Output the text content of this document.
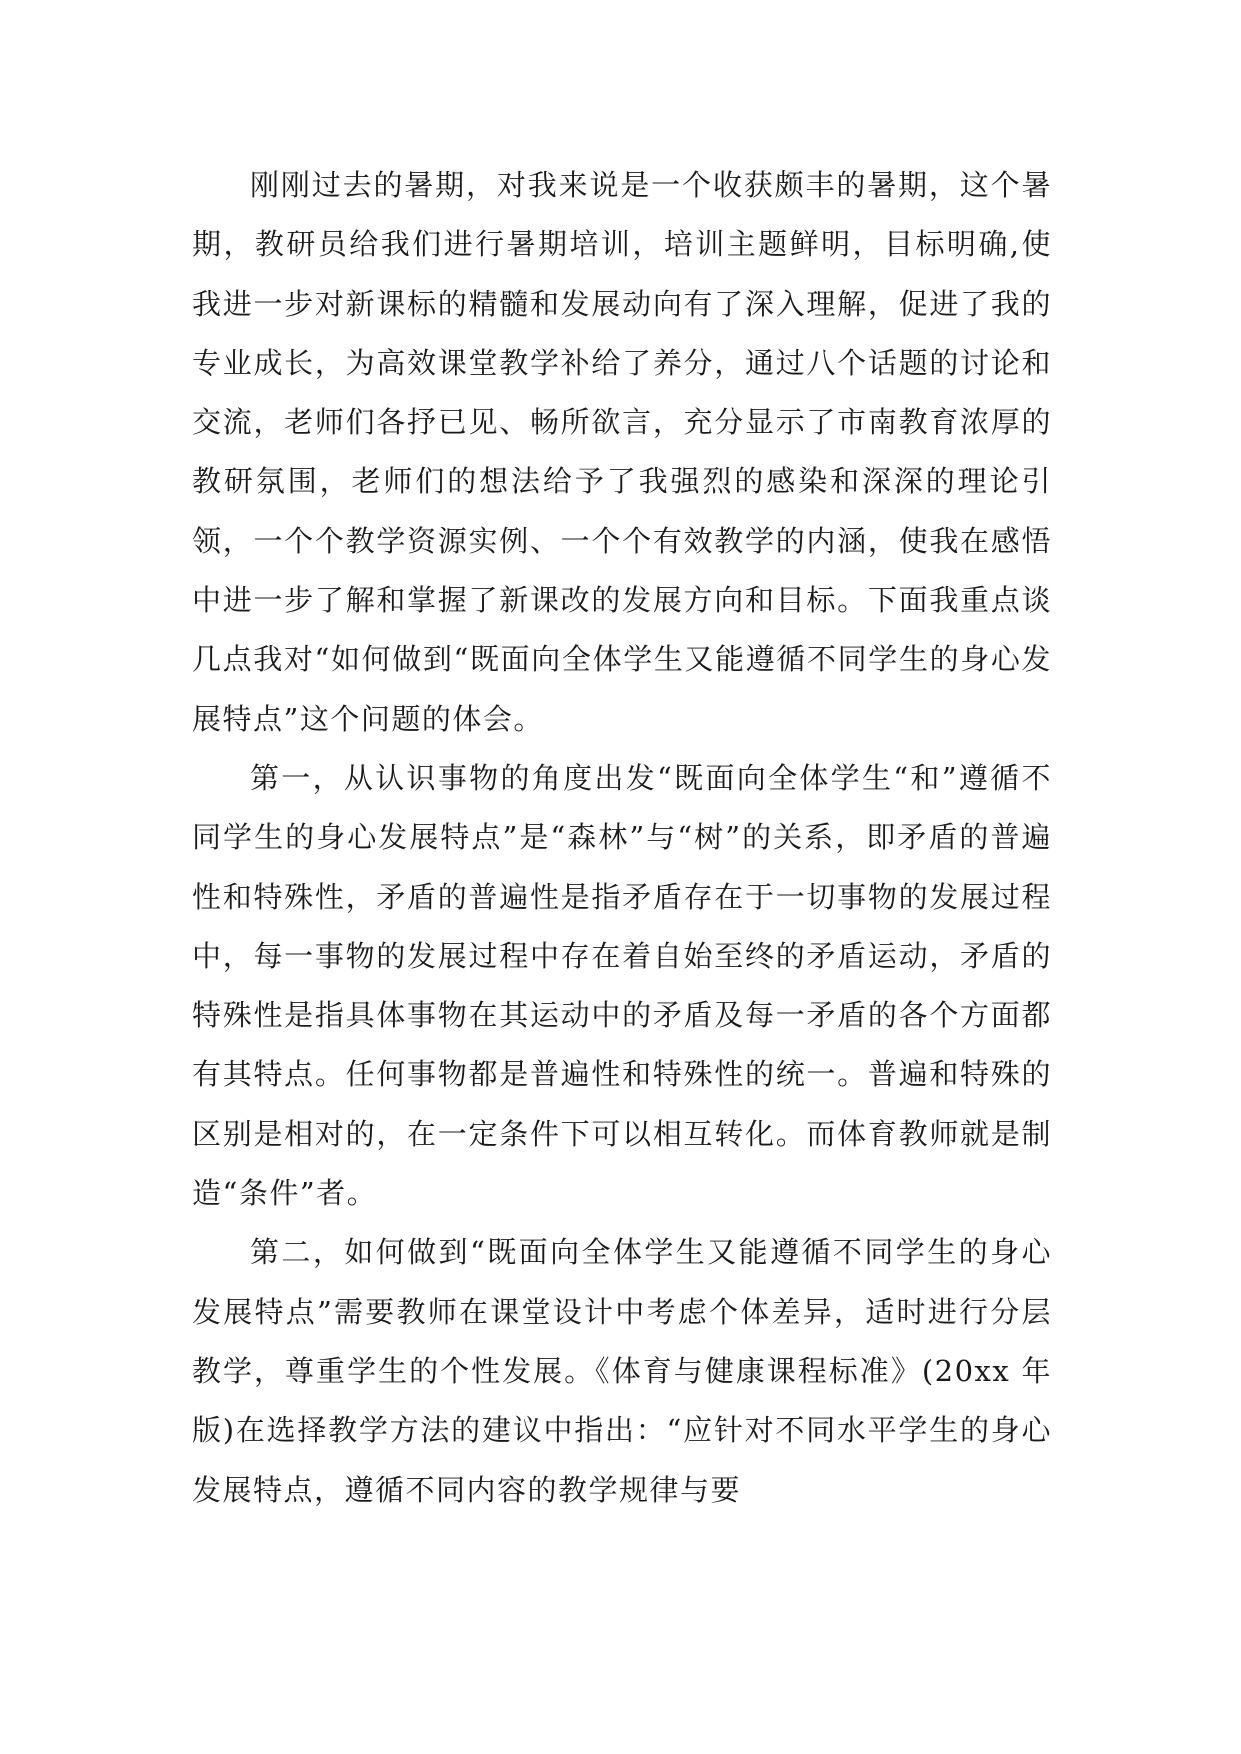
刚刚过去的暑期，对我来说是一个收获颇丰的暑期，这个暑期，教研员给我们进行暑期培训，培训主题鲜明，目标明确,使我进一步对新课标的精髓和发展动向有了深入理解，促进了我的专业成长，为高效课堂教学补给了养分，通过八个话题的讨论和交流，老师们各抒已见、畅所欲言，充分显示了市南教育浓厚的教研氛围，老师们的想法给予了我强烈的感染和深深的理论引领，一个个教学资源实例、一个个有效教学的内涵，使我在感悟中进一步了解和掌握了新课改的发展方向和目标。下面我重点谈几点我对“如何做到“既面向全体学生又能遵循不同学生的身心发展特点”这个问题的体会。

第一，从认识事物的角度出发“既面向全体学生“和”遵循不同学生的身心发展特点”是“森林”与“树”的关系，即矛盾的普遍性和特殊性，矛盾的普遍性是指矛盾存在于一切事物的发展过程中，每一事物的发展过程中存在着自始至终的矛盾运动，矛盾的特殊性是指具体事物在其运动中的矛盾及每一矛盾的各个方面都有其特点。任何事物都是普遍性和特殊性的统一。普遍和特殊的区别是相对的，在一定条件下可以相互转化。而体育教师就是制造“条件”者。

第二，如何做到“既面向全体学生又能遵循不同学生的身心发展特点”需要教师在课堂设计中考虑个体差异，适时进行分层教学，尊重学生的个性发展。《体育与健康课程标准》(20xx 年版)在选择教学方法的建议中指出：“应针对不同水平学生的身心发展特点，遵循不同内容的教学规律与要
